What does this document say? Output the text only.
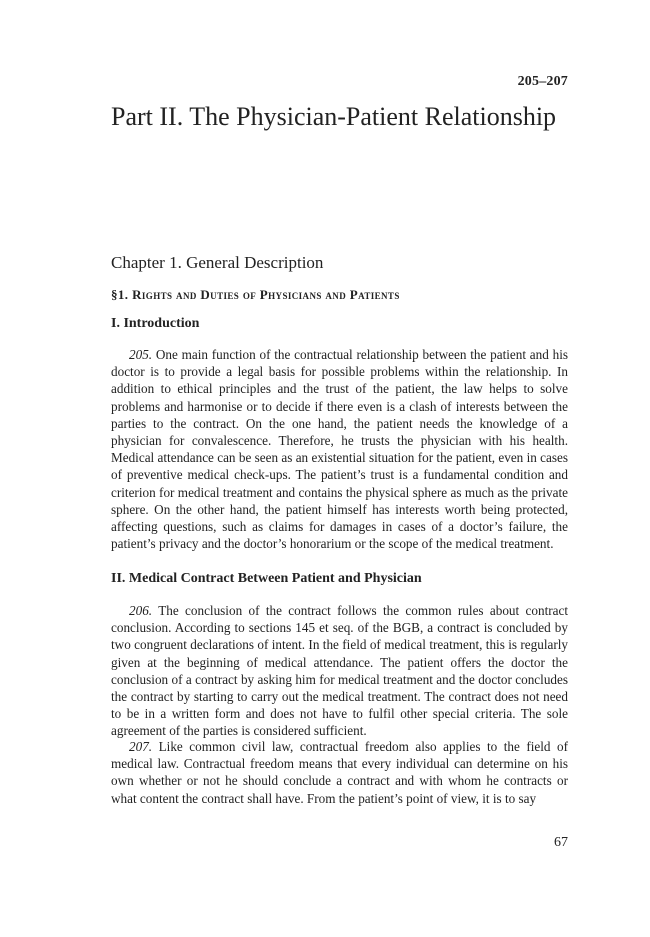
205–207
Part II. The Physician-Patient Relationship
Chapter 1. General Description
§1. Rights and Duties of Physicians and Patients
I. Introduction

205. One main function of the contractual relationship between the patient and his doctor is to provide a legal basis for possible problems within the relationship. In addition to ethical principles and the trust of the patient, the law helps to solve problems and harmonise or to decide if there even is a clash of interests between the parties to the contract. On the one hand, the patient needs the knowledge of a physician for convalescence. Therefore, he trusts the physician with his health. Medical attendance can be seen as an existential situation for the patient, even in cases of preventive medical check-ups. The patient’s trust is a fundamental condition and criterion for medical treatment and contains the physical sphere as much as the private sphere. On the other hand, the patient himself has interests worth being protected, affecting questions, such as claims for damages in cases of a doctor’s failure, the patient’s privacy and the doctor’s honorarium or the scope of the medical treatment.

II. Medical Contract Between Patient and Physician

206. The conclusion of the contract follows the common rules about contract conclusion. According to sections 145 et seq. of the BGB, a contract is concluded by two congruent declarations of intent. In the field of medical treatment, this is regularly given at the beginning of medical attendance. The patient offers the doctor the conclusion of a contract by asking him for medical treatment and the doctor concludes the contract by starting to carry out the medical treatment. The contract does not need to be in a written form and does not have to fulfil other special criteria. The sole agreement of the parties is considered sufficient.

207. Like common civil law, contractual freedom also applies to the field of medical law. Contractual freedom means that every individual can determine on his own whether or not he should conclude a contract and with whom he contracts or what content the contract shall have. From the patient’s point of view, it is to say

67
